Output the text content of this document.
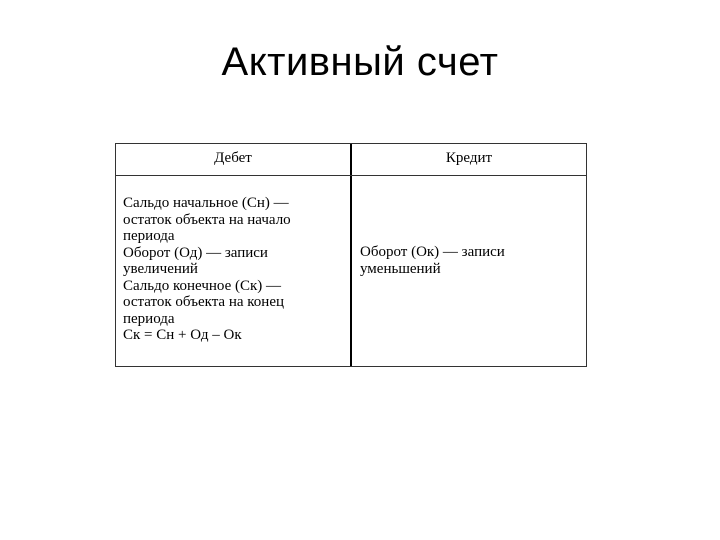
Активный счет
Дебет	Кредит
Сальдо начальное (Сн) —
остаток объекта на начало
периода
Оборот (Од) — записи
увеличений
Сальдо конечное (Ск) —
остаток объекта на конец
периода
Ск = Сн + Од – Ок
Оборот (Ок) — записи
уменьшений
